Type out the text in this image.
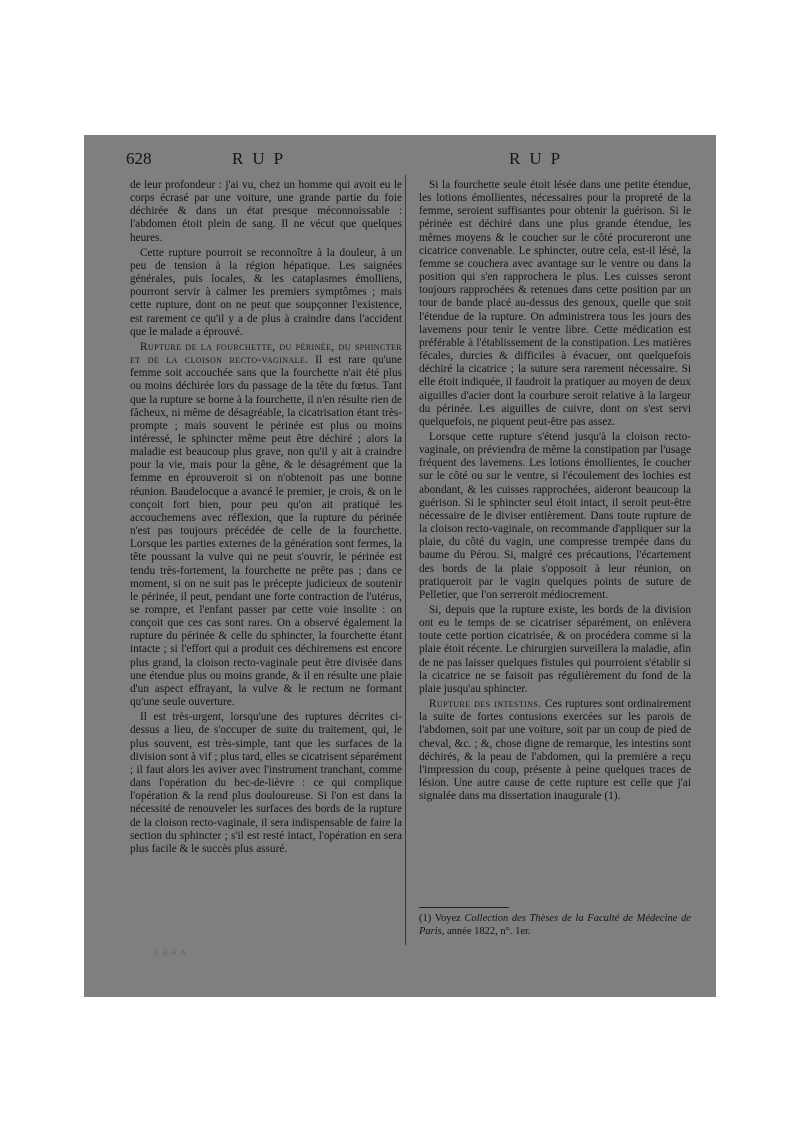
628	RUP	RUP

de leur profondeur : j'ai vu, chez un homme qui avoit eu le corps écrasé par une voiture, une grande partie du foie déchirée & dans un état presque méconnoissable : l'abdomen étoit plein de sang. Il ne vécut que quelques heures.

Cette rupture pourroit se reconnoître à la douleur, à un peu de tension à la région hépatique. Les saignées générales, puis locales, & les cataplasmes émolliens, pourront servir à calmer les premiers symptômes ; mais cette rupture, dont on ne peut que soupçonner l'existence, est rarement ce qu'il y a de plus à craindre dans l'accident que le malade a éprouvé.

Rupture de la fourchette, du périnée, du sphincter et de la cloison recto-vaginale. Il est rare qu'une femme soit accouchée sans que la fourchette n'ait été plus ou moins déchirée lors du passage de la tête du fœtus. Tant que la rupture se borne à la fourchette, il n'en résulte rien de fâcheux, ni même de désagréable, la cicatrisation étant très-prompte ; mais souvent le périnée est plus ou moins intéressé, le sphincter même peut être déchiré ; alors la maladie est beaucoup plus grave, non qu'il y ait à craindre pour la vie, mais pour la gêne, & le désagrément que la femme en éprouveroit si on n'obtenoit pas une bonne réunion. Baudelocque a avancé le premier, je crois, & on le conçoit fort bien, pour peu qu'on ait pratiqué les accouchemens avec réflexion, que la rupture du périnée n'est pas toujours précédée de celle de la fourchette. Lorsque les parties externes de la génération sont fermes, la tête poussant la vulve qui ne peut s'ouvrir, le périnée est tendu très-fortement, la fourchette ne prête pas ; dans ce moment, si on ne suit pas le précepte judicieux de soutenir le périnée, il peut, pendant une forte contraction de l'utérus, se rompre, et l'enfant passer par cette voie insolite : on conçoit que ces cas sont rares. On a observé également la rupture du périnée & celle du sphincter, la fourchette étant intacte ; si l'effort qui a produit ces déchiremens est encore plus grand, la cloison recto-vaginale peut être divisée dans une étendue plus ou moins grande, & il en résulte une plaie d'un aspect effrayant, la vulve & le rectum ne formant qu'une seule ouverture.

Il est très-urgent, lorsqu'une des ruptures décrites ci-dessus a lieu, de s'occuper de suite du traitement, qui, le plus souvent, est très-simple, tant que les surfaces de la division sont à vif ; plus tard, elles se cicatrisent séparément ; il faut alors les aviver avec l'instrument tranchant, comme dans l'opération du bec-de-lièvre : ce qui complique l'opération & la rend plus douloureuse. Si l'on est dans la nécessité de renouveler les surfaces des bords de la rupture de la cloison recto-vaginale, il sera indispensable de faire la section du sphincter ; s'il est resté intact, l'opération en sera plus facile & le succès plus assuré.

Si la fourchette seule étoit lésée dans une petite étendue, les lotions émollientes, nécessaires pour la propreté de la femme, seroient suffisantes pour obtenir la guérison. Si le périnée est déchiré dans une plus grande étendue, les mêmes moyens & le coucher sur le côté procureront une cicatrice convenable. Le sphincter, outre cela, est-il lésé, la femme se couchera avec avantage sur le ventre ou dans la position qui s'en rapprochera le plus. Les cuisses seront toujours rapprochées & retenues dans cette position par un tour de bande placé au-dessus des genoux, quelle que soit l'étendue de la rupture. On administrera tous les jours des lavemens pour tenir le ventre libre. Cette médication est préférable à l'établissement de la constipation. Les matières fécales, durcies & difficiles à évacuer, ont quelquefois déchiré la cicatrice ; la suture sera rarement nécessaire. Si elle étoit indiquée, il faudroit la pratiquer au moyen de deux aiguilles d'acier dont la courbure seroit relative à la largeur du périnée. Les aiguilles de cuivre, dont on s'est servi quelquefois, ne piquent peut-être pas assez.

Lorsque cette rupture s'étend jusqu'à la cloison recto-vaginale, on préviendra de même la constipation par l'usage fréquent des lavemens. Les lotions émollientes, le coucher sur le côté ou sur le ventre, si l'écoulement des lochies est abondant, & les cuisses rapprochées, aideront beaucoup la guérison. Si le sphincter seul étoit intact, il seroit peut-être nécessaire de le diviser entièrement. Dans toute rupture de la cloison recto-vaginale, on recommande d'appliquer sur la plaie, du côté du vagin, une compresse trempée dans du baume du Pérou. Si, malgré ces précautions, l'écartement des bords de la plaie s'opposoit à leur réunion, on pratiqueroit par le vagin quelques points de suture de Pelletier, que l'on serreroit médiocrement.

Si, depuis que la rupture existe, les bords de la division ont eu le temps de se cicatriser séparément, on enlèvera toute cette portion cicatrisée, & on procédera comme si la plaie étoit récente. Le chirurgien surveillera la maladie, afin de ne pas laisser quelques fistules qui pourroient s'établir si la cicatrice ne se faisoit pas régulièrement du fond de la plaie jusqu'au sphincter.

Rupture des intestins. Ces ruptures sont ordinairement la suite de fortes contusions exercées sur les parois de l'abdomen, soit par une voiture, soit par un coup de pied de cheval, &c. ; &, chose digne de remarque, les intestins sont déchirés, & la peau de l'abdomen, qui la première a reçu l'impression du coup, présente à peine quelques traces de lésion. Une autre cause de cette rupture est celle que j'ai signalée dans ma dissertation inaugurale (1).

(1) Voyez Collection des Thèses de la Faculté de Médecine de Paris, année 1822, n°. 1er.
ᴇʀʀᴀ
